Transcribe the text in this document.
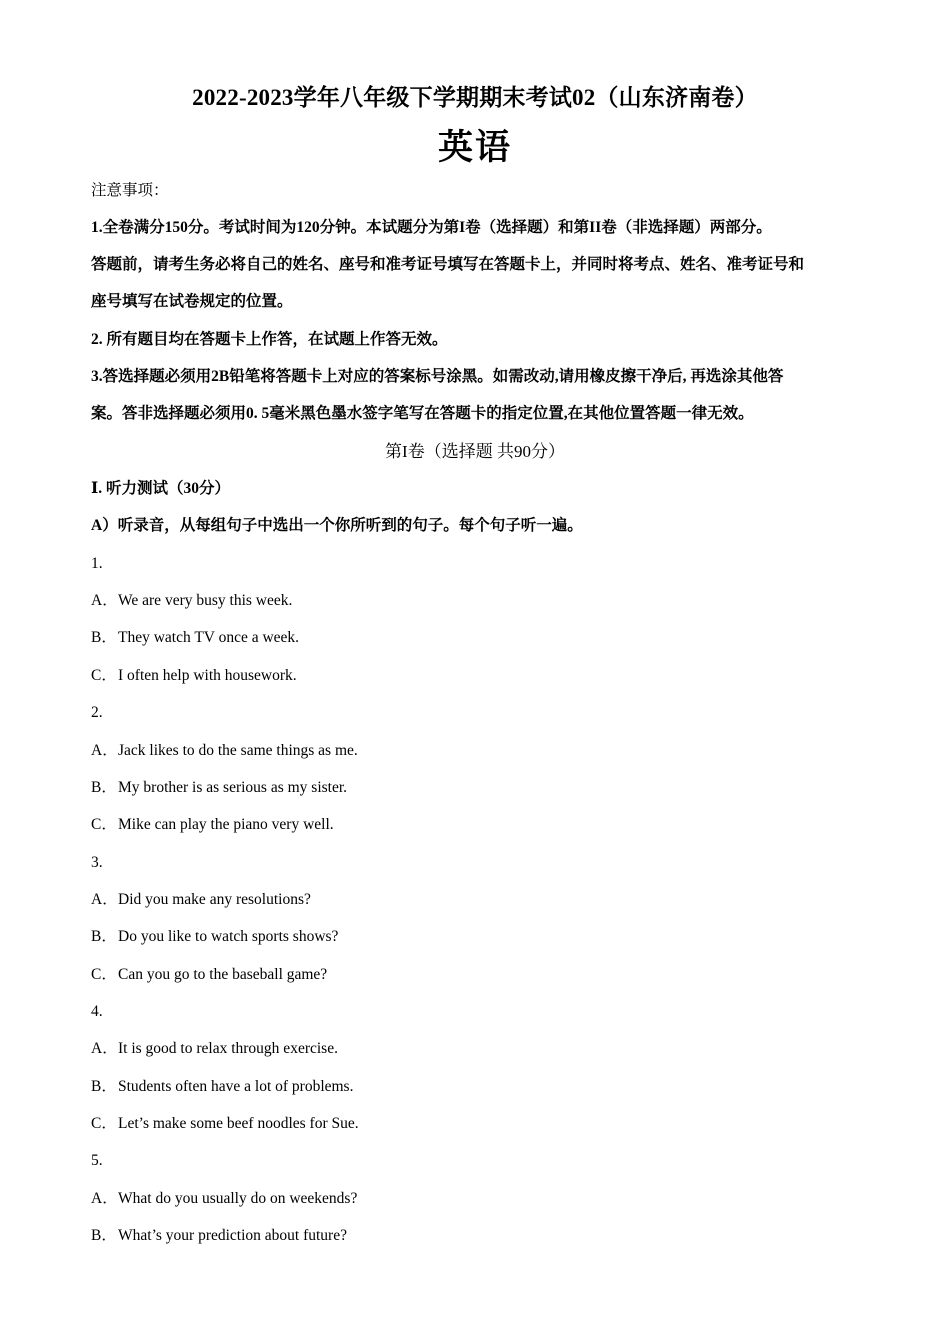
2022-2023学年八年级下学期期末考试02（山东济南卷）
英语
注意事项：
1.全卷满分150分。考试时间为120分钟。本试题分为第I卷（选择题）和第II卷（非选择题）两部分。
答题前，请考生务必将自己的姓名、座号和准考证号填写在答题卡上，并同时将考点、姓名、准考证号和
座号填写在试卷规定的位置。
2. 所有题目均在答题卡上作答，在试题上作答无效。
3.答选择题必须用2B铅笔将答题卡上对应的答案标号涂黑。如需改动,请用橡皮擦干净后, 再选涂其他答
案。答非选择题必须用0. 5毫米黑色墨水签字笔写在答题卡的指定位置,在其他位置答题一律无效。
第I卷（选择题 共90分）
Ⅰ. 听力测试（30分）
A）听录音，从每组句子中选出一个你所听到的句子。每个句子听一遍。
1.
A．We are very busy this week.
B．They watch TV once a week.
C．I often help with housework.
2.
A．Jack likes to do the same things as me.
B．My brother is as serious as my sister.
C．Mike can play the piano very well.
3.
A．Did you make any resolutions?
B．Do you like to watch sports shows?
C．Can you go to the baseball game?
4.
A．It is good to relax through exercise.
B．Students often have a lot of problems.
C．Let’s make some beef noodles for Sue.
5.
A．What do you usually do on weekends?
B．What’s your prediction about future?
